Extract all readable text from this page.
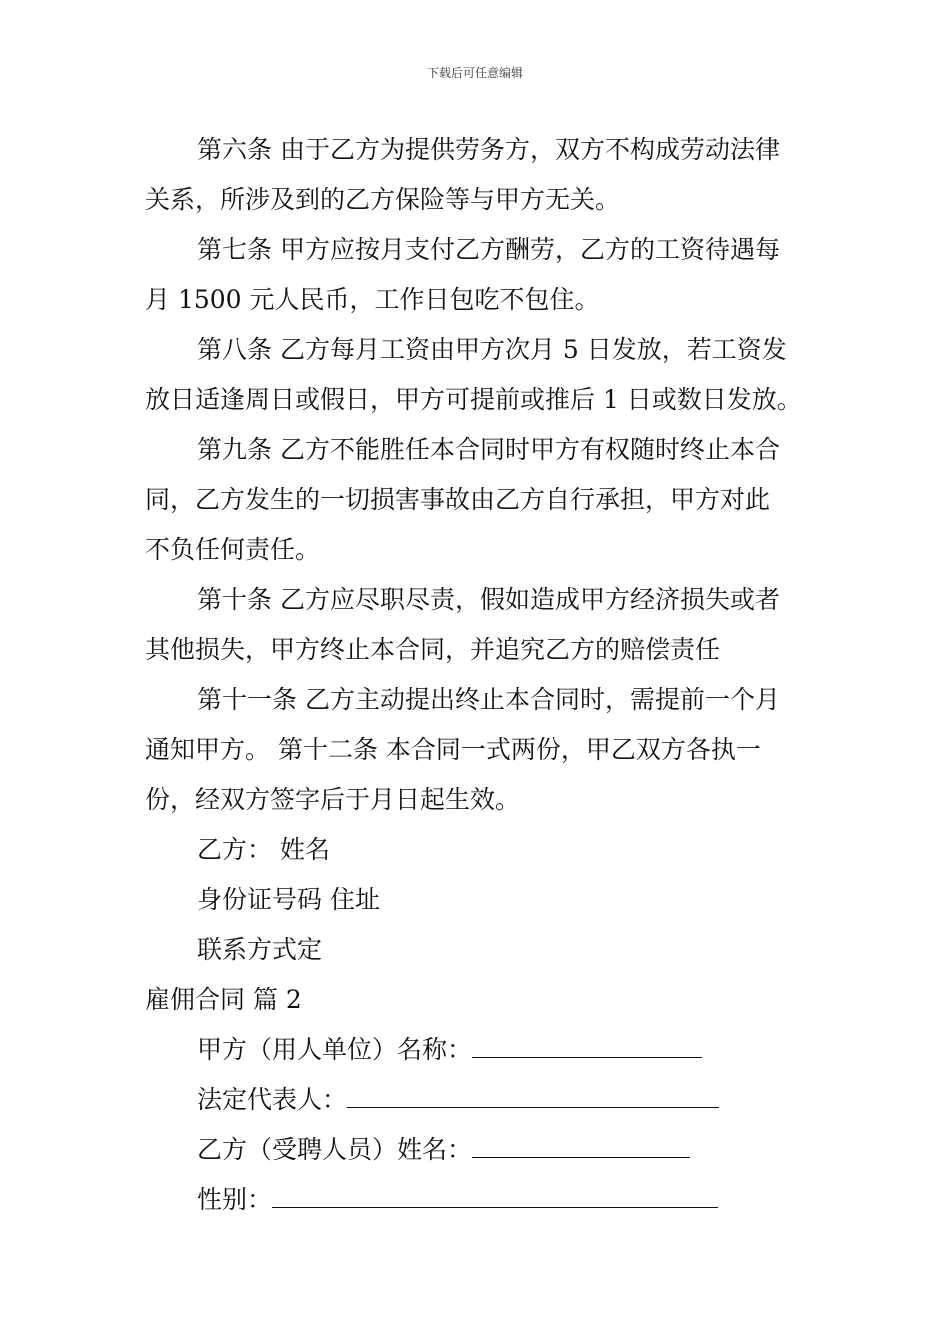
下载后可任意编辑
第六条 由于乙方为提供劳务方，双方不构成劳动法律
关系，所涉及到的乙方保险等与甲方无关。
第七条 甲方应按月支付乙方酬劳，乙方的工资待遇每
月 1500 元人民币，工作日包吃不包住。
第八条 乙方每月工资由甲方次月 5 日发放，若工资发
放日适逢周日或假日，甲方可提前或推后 1 日或数日发放。
第九条 乙方不能胜任本合同时甲方有权随时终止本合
同，乙方发生的一切损害事故由乙方自行承担，甲方对此
不负任何责任。
第十条 乙方应尽职尽责，假如造成甲方经济损失或者
其他损失，甲方终止本合同，并追究乙方的赔偿责任
第十一条 乙方主动提出终止本合同时，需提前一个月
通知甲方。 第十二条 本合同一式两份，甲乙双方各执一
份，经双方签字后于月日起生效。
乙方： 姓名
身份证号码 住址
联系方式定
雇佣合同 篇 2
甲方（用人单位）名称：
法定代表人：
乙方（受聘人员）姓名：
性别：
